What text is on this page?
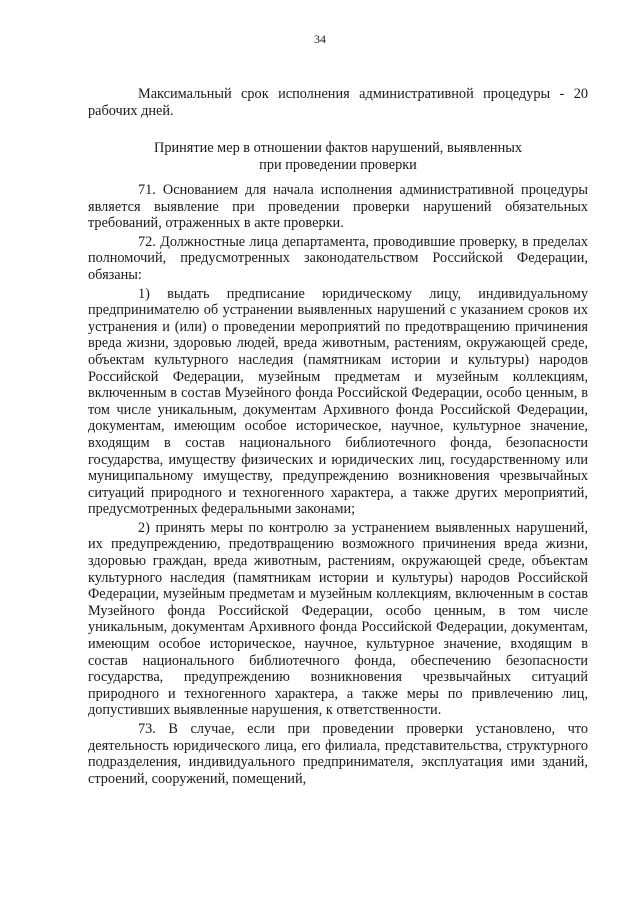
34

Максимальный срок исполнения административной процедуры - 20 рабочих дней.

Принятие мер в отношении фактов нарушений, выявленных
при проведении проверки

71. Основанием для начала исполнения административной процедуры является выявление при проведении проверки нарушений обязательных требований, отраженных в акте проверки.

72. Должностные лица департамента, проводившие проверку, в пределах полномочий, предусмотренных законодательством Российской Федерации, обязаны:

1) выдать предписание юридическому лицу, индивидуальному предпринимателю об устранении выявленных нарушений с указанием сроков их устранения и (или) о проведении мероприятий по предотвращению причинения вреда жизни, здоровью людей, вреда животным, растениям, окружающей среде, объектам культурного наследия (памятникам истории и культуры) народов Российской Федерации, музейным предметам и музейным коллекциям, включенным в состав Музейного фонда Российской Федерации, особо ценным, в том числе уникальным, документам Архивного фонда Российской Федерации, документам, имеющим особое историческое, научное, культурное значение, входящим в состав национального библиотечного фонда, безопасности государства, имуществу физических и юридических лиц, государственному или муниципальному имуществу, предупреждению возникновения чрезвычайных ситуаций природного и техногенного характера, а также других мероприятий, предусмотренных федеральными законами;

2) принять меры по контролю за устранением выявленных нарушений, их предупреждению, предотвращению возможного причинения вреда жизни, здоровью граждан, вреда животным, растениям, окружающей среде, объектам культурного наследия (памятникам истории и культуры) народов Российской Федерации, музейным предметам и музейным коллекциям, включенным в состав Музейного фонда Российской Федерации, особо ценным, в том числе уникальным, документам Архивного фонда Российской Федерации, документам, имеющим особое историческое, научное, культурное значение, входящим в состав национального библиотечного фонда, обеспечению безопасности государства, предупреждению возникновения чрезвычайных ситуаций природного и техногенного характера, а также меры по привлечению лиц, допустивших выявленные нарушения, к ответственности.

73. В случае, если при проведении проверки установлено, что деятельность юридического лица, его филиала, представительства, структурного подразделения, индивидуального предпринимателя, эксплуатация ими зданий, строений, сооружений, помещений,
